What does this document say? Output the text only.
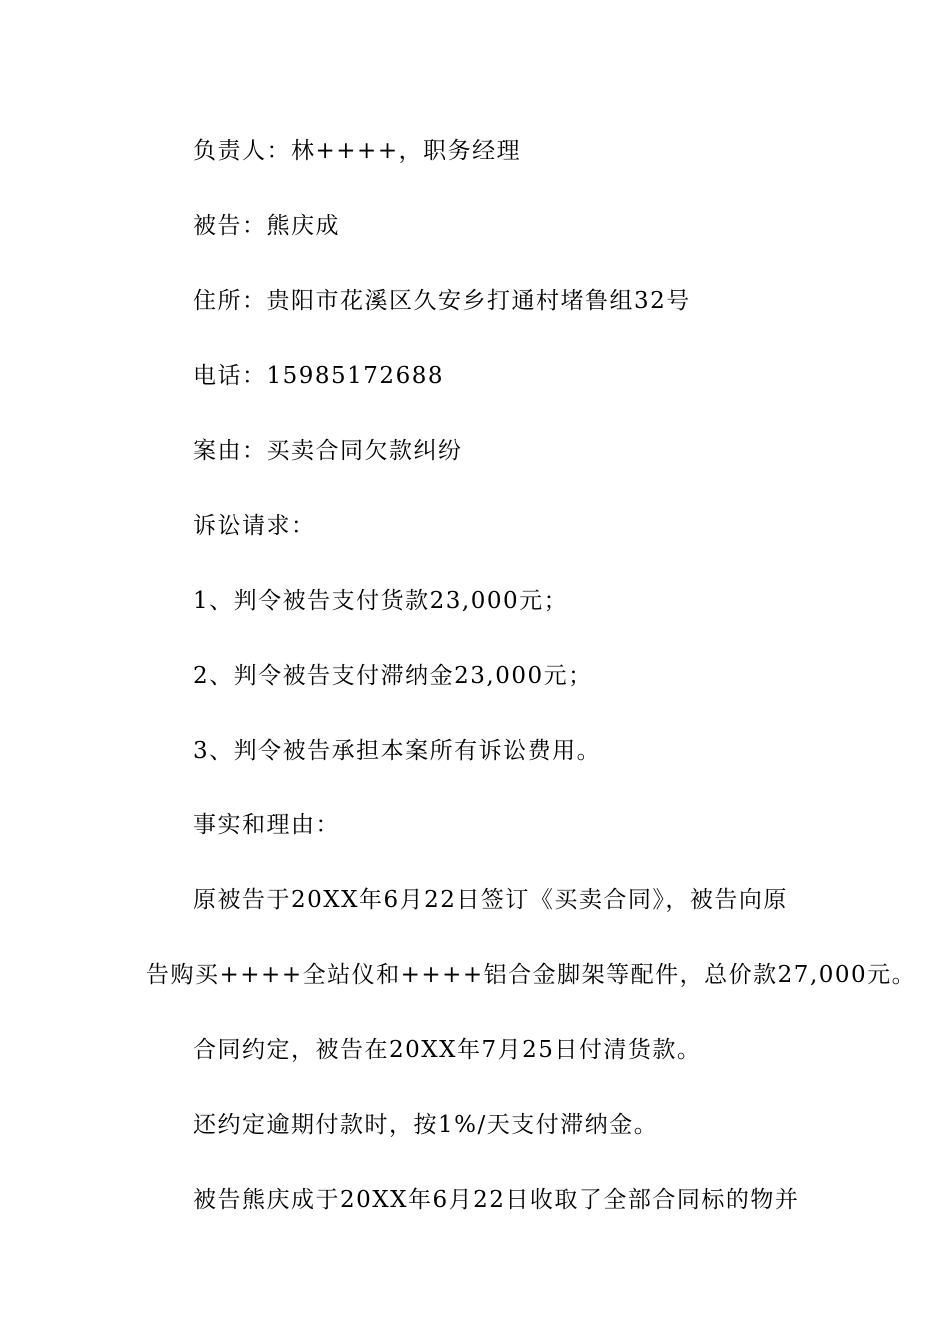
负责人：林++++，职务经理
被告：熊庆成
住所：贵阳市花溪区久安乡打通村堵鲁组32号
电话：15985172688
案由：买卖合同欠款纠纷
诉讼请求：
1、判令被告支付货款23,000元；
2、判令被告支付滞纳金23,000元；
3、判令被告承担本案所有诉讼费用。
事实和理由：
原被告于20XX年6月22日签订《买卖合同》，被告向原
告购买++++全站仪和++++铝合金脚架等配件，总价款27,000元。
合同约定，被告在20XX年7月25日付清货款。
还约定逾期付款时，按1%/天支付滞纳金。
被告熊庆成于20XX年6月22日收取了全部合同标的物并
